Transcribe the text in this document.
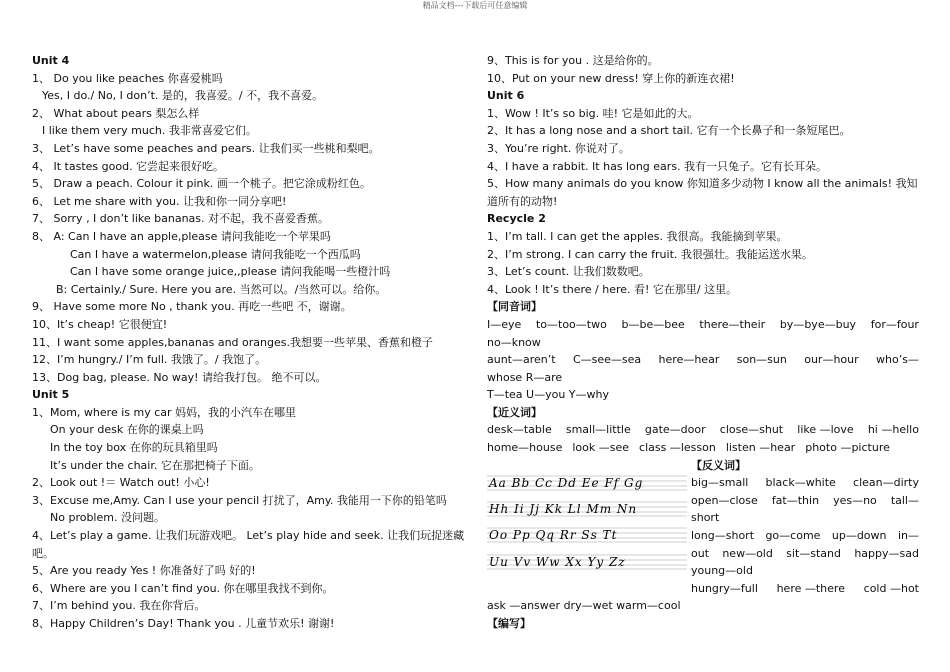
精品文档---下载后可任意编辑
Unit 4
1、 Do you like peaches 你喜爱桃吗
Yes, I do./ No, I don’t. 是的，我喜爱。/ 不，我不喜爱。
2、 What about pears 梨怎么样
I like them very much. 我非常喜爱它们。
3、 Let’s have some peaches and pears. 让我们买一些桃和梨吧。
4、 It tastes good. 它尝起来很好吃。
5、 Draw a peach. Colour it pink. 画一个桃子。把它涂成粉红色。
6、 Let me share with you. 让我和你一同分享吧!
7、 Sorry , I don’t like bananas. 对不起，我不喜爱香蕉。
8、 A: Can I have an apple,please 请问我能吃一个苹果吗
Can I have a watermelon,please 请问我能吃一个西瓜吗
Can I have some orange juice,,please 请问我能喝一些橙汁吗
B: Certainly./ Sure. Here you are. 当然可以。/当然可以。给你。
9、 Have some more No , thank you. 再吃一些吧 不，谢谢。
10、It’s cheap! 它很便宜!
11、I want some apples,bananas and oranges.我想要一些苹果、香蕉和橙子
12、I’m hungry./ I’m full. 我饿了。/ 我饱了。
13、Dog bag, please. No way! 请给我打包。 绝不可以。
Unit 5
1、Mom, where is my car 妈妈，我的小汽车在哪里
On your desk 在你的课桌上吗
In the toy box 在你的玩具箱里吗
It’s under the chair. 它在那把椅子下面。
2、Look out !＝ Watch out! 小心!
3、Excuse me,Amy. Can I use your pencil 打扰了，Amy. 我能用一下你的铅笔吗
No problem. 没问题。
4、Let’s play a game. 让我们玩游戏吧。 Let’s play hide and seek. 让我们玩捉迷藏吧。
5、Are you ready Yes ! 你准备好了吗 好的!
6、Where are you I can’t find you. 你在哪里我找不到你。
7、I’m behind you. 我在你背后。
8、Happy Children’s Day! Thank you . 儿童节欢乐! 谢谢!
9、This is for you . 这是给你的。
10、Put on your new dress! 穿上你的新连衣裙!
Unit 6
1、Wow ! It’s so big. 哇! 它是如此的大。
2、It has a long nose and a short tail. 它有一个长鼻子和一条短尾巴。
3、You’re right. 你说对了。
4、I have a rabbit. It has long ears. 我有一只兔子。它有长耳朵。
5、How many animals do you know 你知道多少动物 I know all the animals! 我知道所有的动物!
Recycle 2
1、I’m tall. I can get the apples. 我很高。我能摘到苹果。
2、I’m strong. I can carry the fruit. 我很强壮。我能运送水果。
3、Let’s count. 让我们数数吧。
4、Look ! It’s there / here. 看! 它在那里/ 这里。
【同音词】
I—eye to—too—two b—be—bee there—their by—bye—buy for—four
no—know
aunt—aren’t C—see—sea here—hear son—sun our—hour who’s—
whose R—are
T—tea U—you Y—why
【近义词】
desk—table small—little gate—door close—shut like —love hi —hello
home—house look —see class —lesson listen —hear photo —picture
Aa Bb Cc Dd Ee Ff Gg
Hh Ii Jj Kk Ll Mm Nn
Oo Pp Qq Rr Ss Tt
Uu Vv Ww Xx Yy Zz
【反义词】
big—small black—white clean—dirty
open—close fat—thin yes—no tall—
short
long—short go—come up—down in—
out new—old sit—stand happy—sad
young—old
hungry—full here —there cold —hot
ask —answer dry—wet warm—cool
【编写】
